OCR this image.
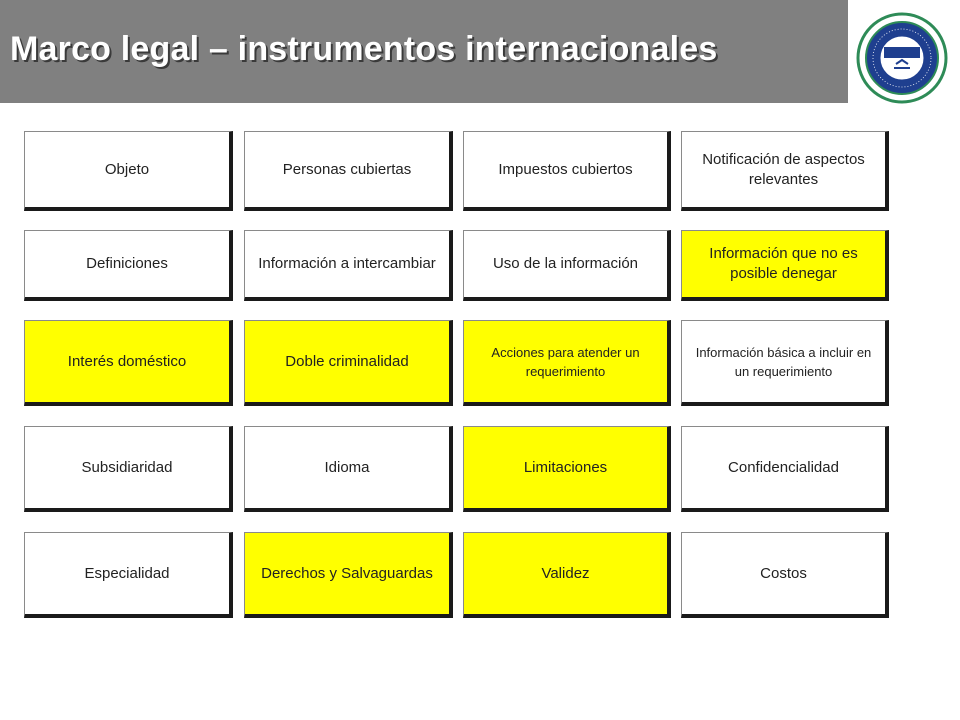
Marco legal – instrumentos internacionales
Objeto	Personas cubiertas	Impuestos cubiertos
Notificación de aspectos relevantes
Definiciones	Información a intercambiar	Uso de la información
Información que no es posible denegar
Interés doméstico	Doble criminalidad
Acciones para atender un requerimiento
Información básica a incluir en un requerimiento
Subsidiaridad	Idioma	Limitaciones	Confidencialidad
Especialidad	Derechos y Salvaguardas	Validez	Costos
